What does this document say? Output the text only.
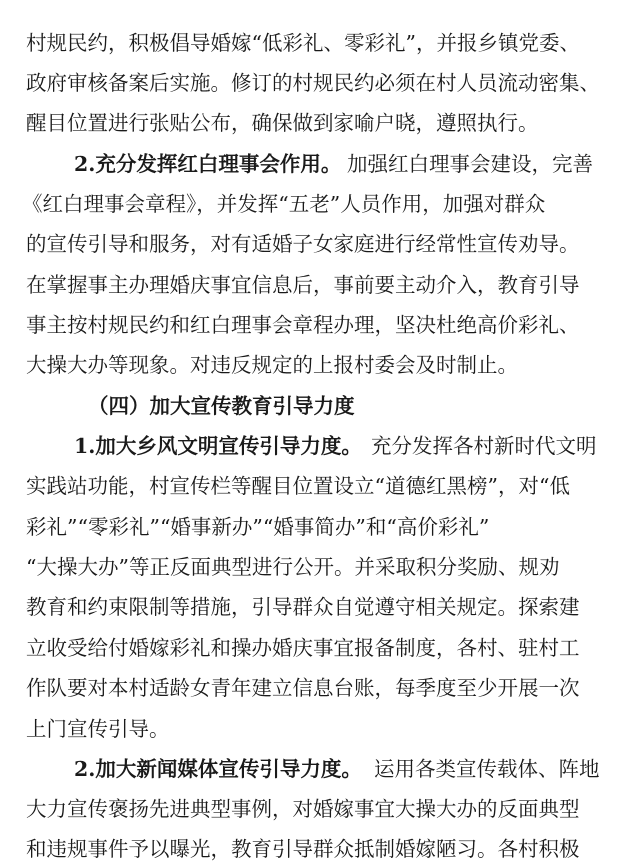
村规民约，积极倡导婚嫁“低彩礼、零彩礼”，并报乡镇党委、
政府审核备案后实施。修订的村规民约必须在村人员流动密集、
醒目位置进行张贴公布，确保做到家喻户晓，遵照执行。
2.充分发挥红白理事会作用。 加强红白理事会建设，完善
《红白理事会章程》，并发挥“五老”人员作用，加强对群众
的宣传引导和服务，对有适婚子女家庭进行经常性宣传劝导。
在掌握事主办理婚庆事宜信息后，事前要主动介入，教育引导
事主按村规民约和红白理事会章程办理，坚决杜绝高价彩礼、
大操大办等现象。对违反规定的上报村委会及时制止。
（四）加大宣传教育引导力度
1.加大乡风文明宣传引导力度。 充分发挥各村新时代文明
实践站功能，村宣传栏等醒目位置设立“道德红黑榜”，对“低
彩礼”“零彩礼”“婚事新办”“婚事简办”和“高价彩礼”
“大操大办”等正反面典型进行公开。并采取积分奖励、规劝
教育和约束限制等措施，引导群众自觉遵守相关规定。探索建
立收受给付婚嫁彩礼和操办婚庆事宜报备制度，各村、驻村工
作队要对本村适龄女青年建立信息台账，每季度至少开展一次
上门宣传引导。
2.加大新闻媒体宣传引导力度。 运用各类宣传载体、阵地
大力宣传褒扬先进典型事例，对婚嫁事宜大操大办的反面典型
和违规事件予以曝光，教育引导群众抵制婚嫁陋习。各村积极
